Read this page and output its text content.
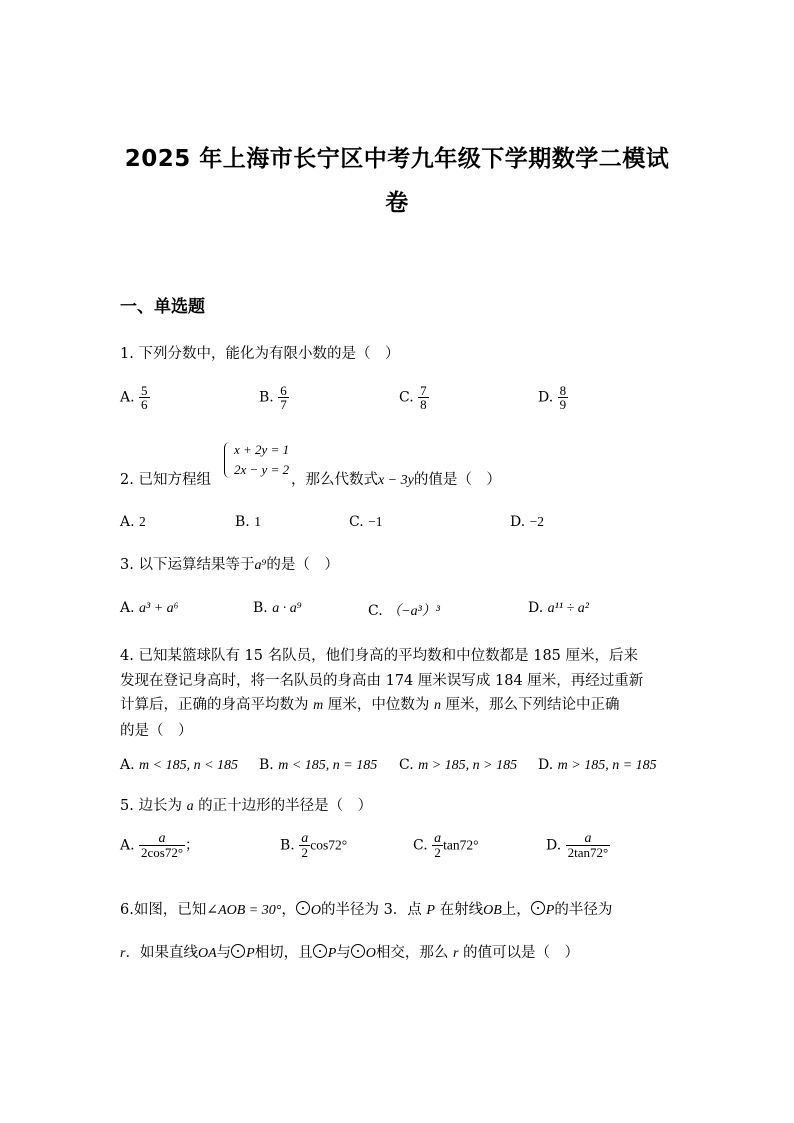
2025 年上海市长宁区中考九年级下学期数学二模试
卷
一、单选题
1. 下列分数中，能化为有限小数的是（　）
A. $\frac{5}{6}$	B. $\frac{6}{7}$	C. $\frac{7}{8}$	D. $\frac{8}{9}$
x + 2y = 1
2x − y = 2
2. 已知方程组	，那么代数式x − 3y的值是（　）
A. 2	B. 1	C. −1	D. −2
3. 以下运算结果等于a⁹的是（　）
A. a³ + a⁶	B. a · a⁹	C. （−a³）³	D. a¹¹ ÷ a²
4. 已知某篮球队有 15 名队员，他们身高的平均数和中位数都是 185 厘米，后来
发现在登记身高时，将一名队员的身高由 174 厘米误写成 184 厘米，再经过重新
计算后，正确的身高平均数为 m 厘米，中位数为 n 厘米，那么下列结论中正确
的是（　）
A. m < 185, n < 185 B. m < 185, n = 185 C. m > 185, n > 185 D. m > 185, n = 185
5. 边长为 a 的正十边形的半径是（　）
A. $\frac{a}{2\cos 72^\circ}$ ；	B. $\frac{a}{2} \cos 72^\circ$	C. $\frac{a}{2} \tan 72^\circ$	D. $\frac{a}{2\tan 72^\circ}$
6.如图，已知∠AOB = 30°， O的半径为 3．点 P 在射线OB上， P的半径为
r．如果直线OA与 P相切，且 P与 O相交，那么 r 的值可以是（　）
